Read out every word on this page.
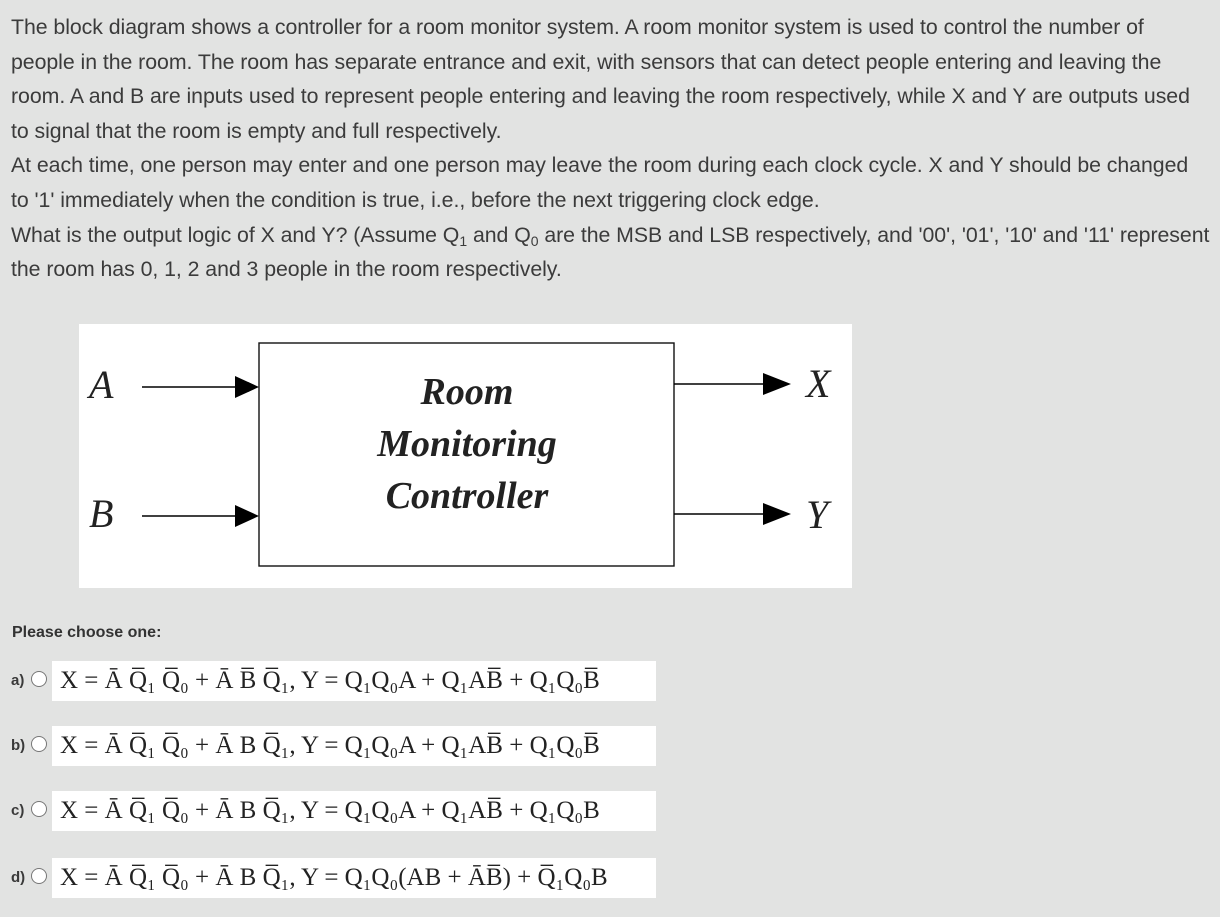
The block diagram shows a controller for a room monitor system. A room monitor system is used to control the number of people in the room. The room has separate entrance and exit, with sensors that can detect people entering and leaving the room. A and B are inputs used to represent people entering and leaving the room respectively, while X and Y are outputs used to signal that the room is empty and full respectively.

At each time, one person may enter and one person may leave the room during each clock cycle. X and Y should be changed to '1' immediately when the condition is true, i.e., before the next triggering clock edge.

What is the output logic of X and Y? (Assume $Q_1$ and $Q_0$ are the MSB and LSB respectively, and '00', '01', '10' and '11' represent the room has 0, 1, 2 and 3 people in the room respectively.

A
B
Room
Monitoring
Controller
X
Y
Please choose one:
a)	X = Ā Q̅₁ Q̅₀ + Ā B̅ Q̅₁, Y = Q₁Q₀A + Q₁AB̅ + Q₁Q₀B̅
b)	X = Ā Q̅₁ Q̅₀ + Ā B Q̅₁, Y = Q₁Q₀A + Q₁AB̅ + Q₁Q₀B̅
c)	X = Ā Q̅₁ Q̅₀ + Ā B Q̅₁, Y = Q₁Q₀A + Q₁AB̅ + Q₁Q₀B
d)	X = Ā Q̅₁ Q̅₀ + Ā B Q̅₁, Y = Q₁Q₀(AB + ĀB̅) + Q̅₁Q₀B
